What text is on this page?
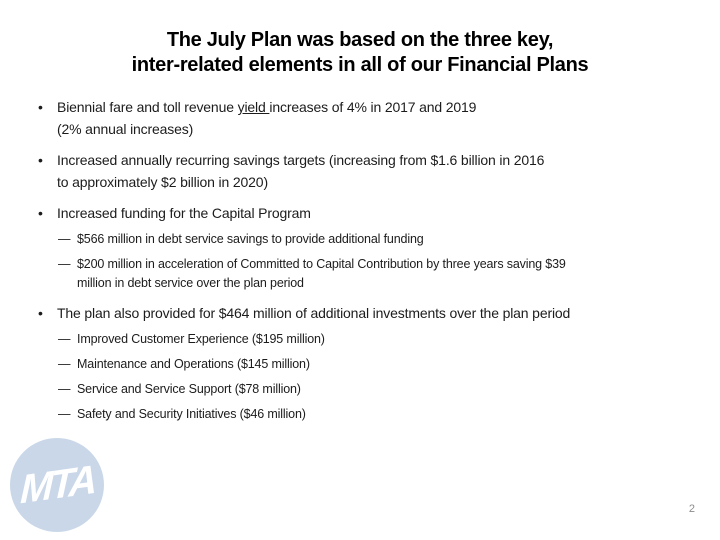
The July Plan was based on the three key,
inter-related elements in all of our Financial Plans
•	Biennial fare and toll revenue yield increases of 4% in 2017 and 2019
(2% annual increases)
•	Increased annually recurring savings targets (increasing from $1.6 billion in 2016
to approximately $2 billion in 2020)
•	Increased funding for the Capital Program
— $566 million in debt service savings to provide additional funding
— $200 million in acceleration of Committed to Capital Contribution by three years saving $39
million in debt service over the plan period
•	The plan also provided for $464 million of additional investments over the plan period
— Improved Customer Experience ($195 million)
— Maintenance and Operations ($145 million)
— Service and Service Support ($78 million)
— Safety and Security Initiatives ($46 million)
MTA	2
